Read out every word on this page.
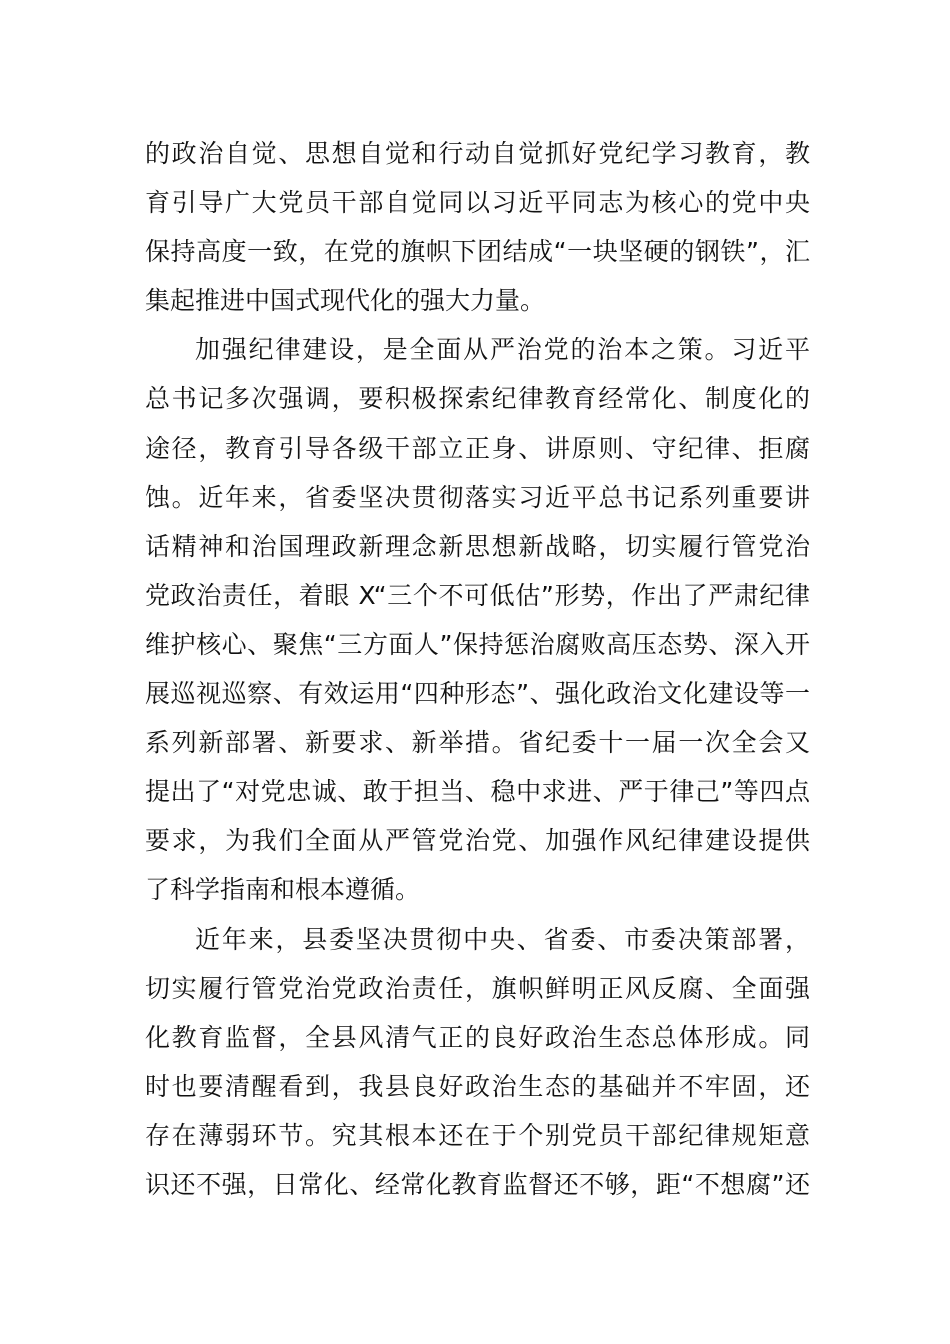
的政治自觉、思想自觉和行动自觉抓好党纪学习教育，教
育引导广大党员干部自觉同以习近平同志为核心的党中央
保持高度一致，在党的旗帜下团结成“一块坚硬的钢铁”，汇
集起推进中国式现代化的强大力量。
加强纪律建设，是全面从严治党的治本之策。习近平
总书记多次强调，要积极探索纪律教育经常化、制度化的
途径，教育引导各级干部立正身、讲原则、守纪律、拒腐
蚀。近年来，省委坚决贯彻落实习近平总书记系列重要讲
话精神和治国理政新理念新思想新战略，切实履行管党治
党政治责任，着眼 X“三个不可低估”形势，作出了严肃纪律
维护核心、聚焦“三方面人”保持惩治腐败高压态势、深入开
展巡视巡察、有效运用“四种形态”、强化政治文化建设等一
系列新部署、新要求、新举措。省纪委十一届一次全会又
提出了“对党忠诚、敢于担当、稳中求进、严于律己”等四点
要求，为我们全面从严管党治党、加强作风纪律建设提供
了科学指南和根本遵循。
近年来，县委坚决贯彻中央、省委、市委决策部署，
切实履行管党治党政治责任，旗帜鲜明正风反腐、全面强
化教育监督，全县风清气正的良好政治生态总体形成。同
时也要清醒看到，我县良好政治生态的基础并不牢固，还
存在薄弱环节。究其根本还在于个别党员干部纪律规矩意
识还不强，日常化、经常化教育监督还不够，距“不想腐”还
